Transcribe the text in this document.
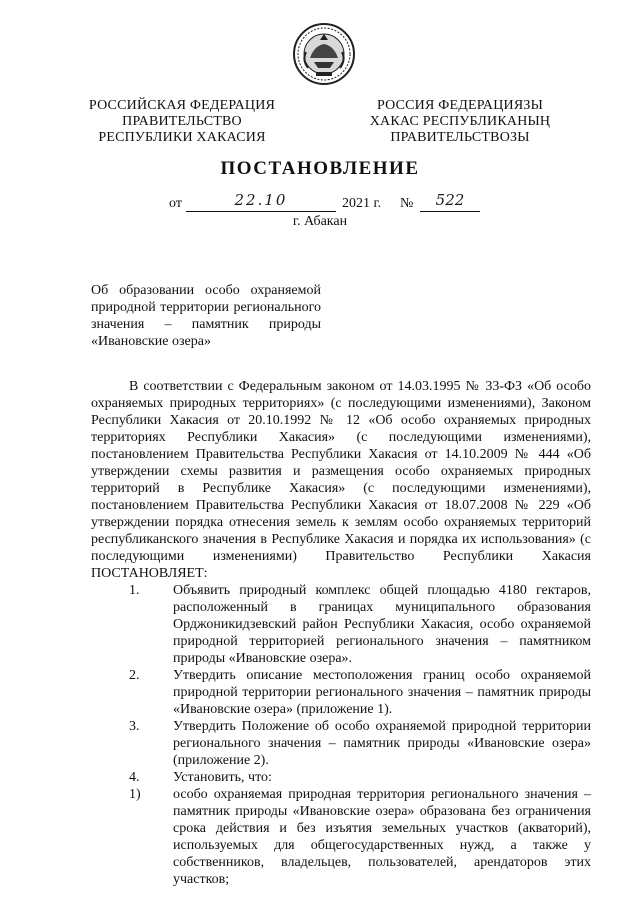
РОССИЙСКАЯ ФЕДЕРАЦИЯ
ПРАВИТЕЛЬСТВО
РЕСПУБЛИКИ ХАКАСИЯ
РОССИЯ ФЕДЕРАЦИЯЗЫ
ХАКАС РЕСПУБЛИКАНЫҢ
ПРАВИТЕЛЬСТВОЗЫ
ПОСТАНОВЛЕНИЕ
от	22.10	2021 г. №	522
г. Абакан
Об образовании особо охраняемой природной территории регионального значения – памятник природы «Ивановские озера»

В соответствии с Федеральным законом от 14.03.1995 № 33-ФЗ «Об особо охраняемых природных территориях» (с последующими изменениями), Законом Республики Хакасия от 20.10.1992 № 12 «Об особо охраняемых природных территориях Республики Хакасия» (с последующими изменениями), постановлением Правительства Республики Хакасия от 14.10.2009 № 444 «Об утверждении схемы развития и размещения особо охраняемых природных территорий в Республике Хакасия» (с последующими изменениями), постановлением Правительства Республики Хакасия от 18.07.2008 № 229 «Об утверждении порядка отнесения земель к землям особо охраняемых территорий республиканского значения в Республике Хакасия и порядка их использования» (с последующими изменениями) Правительство Республики Хакасия ПОСТАНОВЛЯЕТ:

1.	Объявить природный комплекс общей площадью 4180 гектаров, расположенный в границах муниципального образования Орджоникидзевский район Республики Хакасия, особо охраняемой природной территорией регионального значения – памятником природы «Ивановские озера».
2.	Утвердить описание местоположения границ особо охраняемой природной территории регионального значения – памятник природы «Ивановские озера» (приложение 1).
3.	Утвердить Положение об особо охраняемой природной территории регионального значения – памятник природы «Ивановские озера» (приложение 2).
4.	Установить, что:
1)	особо охраняемая природная территория регионального значения – памятник природы «Ивановские озера» образована без ограничения срока действия и без изъятия земельных участков (акваторий), используемых для общегосударственных нужд, а также у собственников, владельцев, пользователей, арендаторов этих участков;
